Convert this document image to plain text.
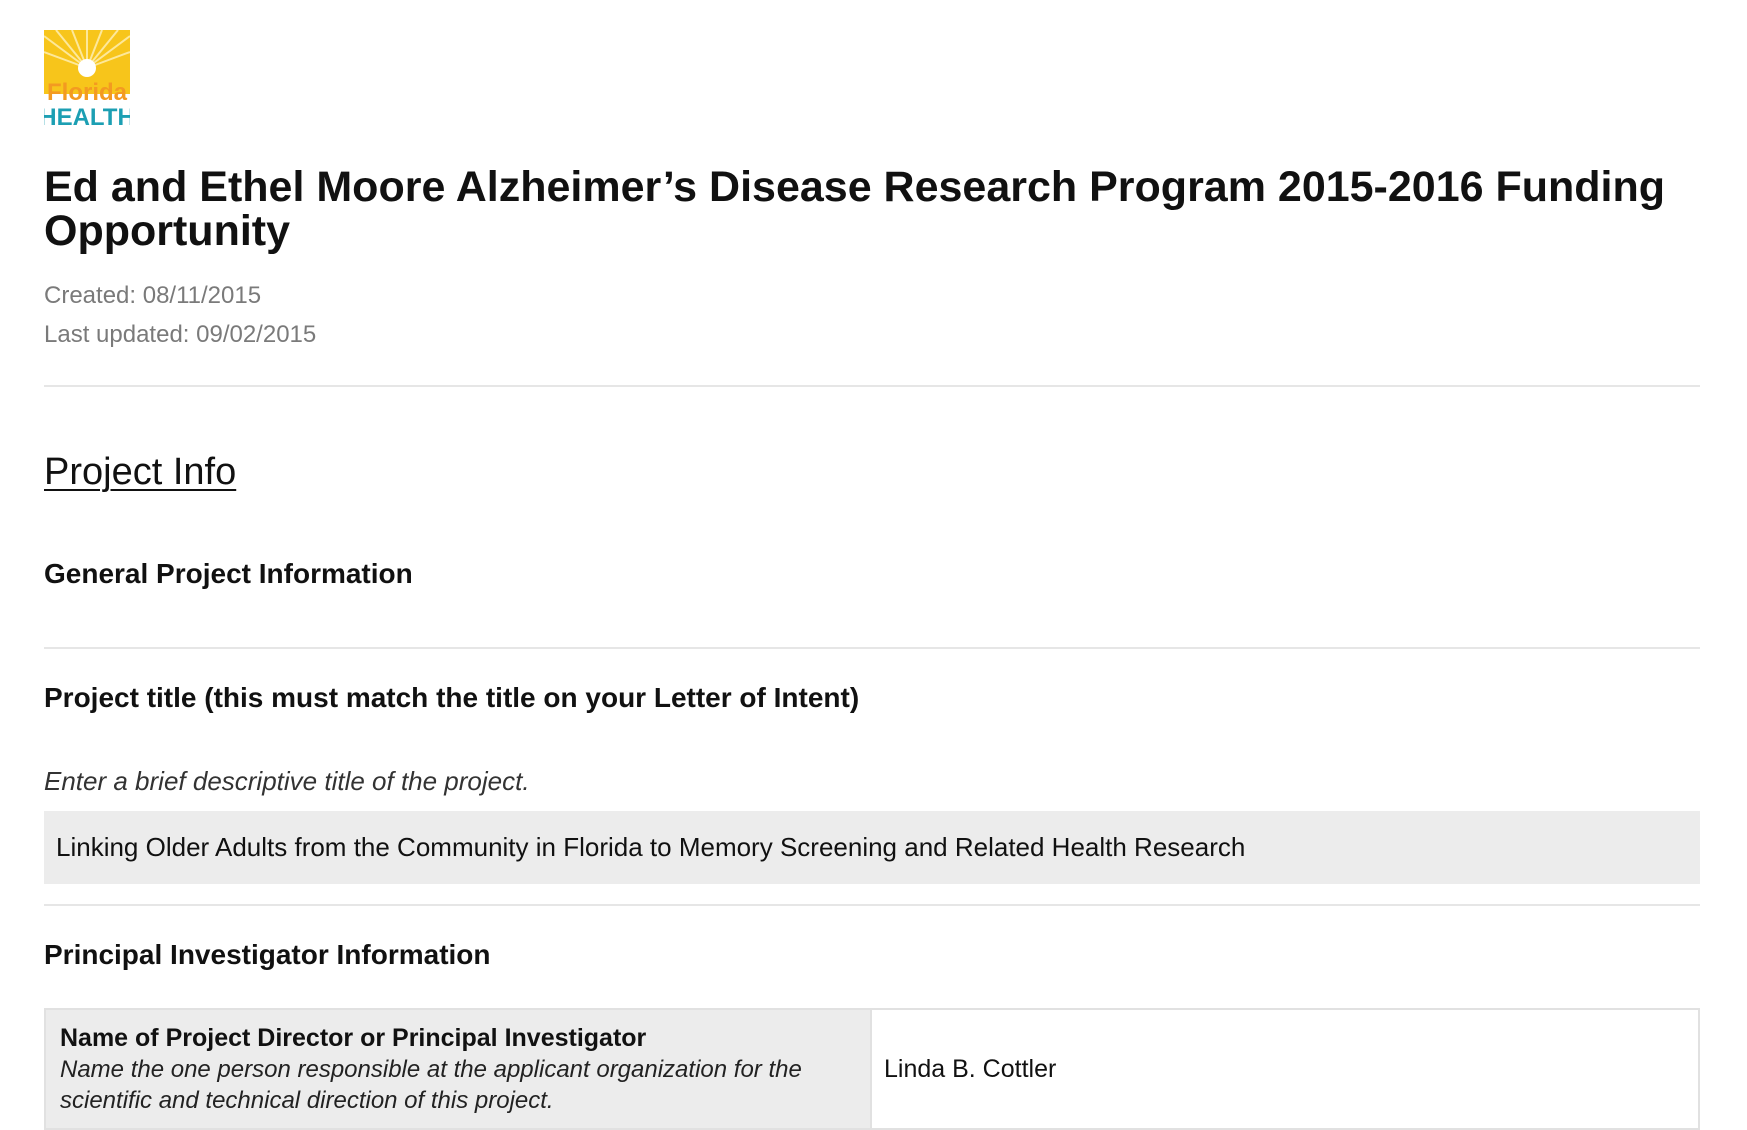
Florida
HEALTH
Ed and Ethel Moore Alzheimer’s Disease Research Program 2015-2016 Funding Opportunity
Created: 08/11/2015
Last updated: 09/02/2015
Project Info
General Project Information
Project title (this must match the title on your Letter of Intent)
Enter a brief descriptive title of the project.
Linking Older Adults from the Community in Florida to Memory Screening and Related Health Research
Principal Investigator Information
Name of Project Director or Principal Investigator
Name the one person responsible at the applicant organization for the scientific and technical direction of this project.
Linda B. Cottler
